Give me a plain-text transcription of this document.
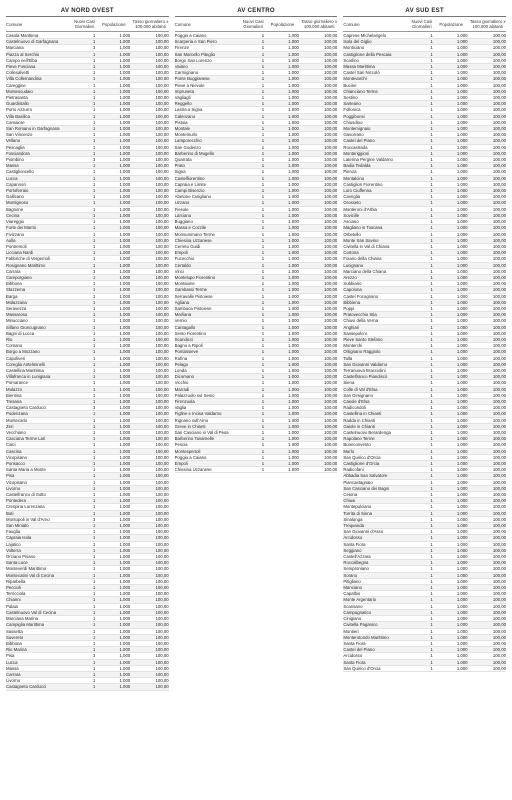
AV NORD OVEST
Comune	Nuovi Casi Giornalieri	Popolazione	Tasso giornaliero x 100.000 abitanti
Casola Marittima	1	1.000	100,00
Castelnuovo di Garfagnana	1	1.000	100,00
Marciana	1	1.000	100,00
Piazza al Serchio	1	1.000	100,00
Campo nell'Elba	1	1.000	100,00
Pieve Fosciana	1	1.000	100,00
Collesalvetti	1	1.000	100,00
Villa Collemandina	1	1.000	100,00
Careggine	1	1.000	100,00
Montescudaio	1	1.000	100,00
Pietrasanta	1	1.000	100,00
Guardistallo	1	1.000	100,00
Porto Azzurro	1	1.000	100,00
Villa Basilica	1	1.000	100,00
Camaiore	1	1.000	100,00
San Romano in Garfagnana	1	1.000	100,00
San Vincenzo	1	1.000	100,00
Vellano	1	1.000	100,00
Pescaglia	1	1.000	100,00
Fosciandora	1	1.000	100,00
Piombino	1	1.000	100,00
Massa	1	1.000	100,00
Castiglioncello	1	1.000	100,00
Lucca	1	1.000	100,00
Capannori	1	1.000	100,00
Portoferraio	1	1.000	100,00
Gallicano	1	1.000	100,00
Montignoso	1	1.000	100,00
Bagnone	1	1.000	100,00
Cecina	1	1.000	100,00
Viareggio	1	1.000	100,00
Forte dei Marmi	1	1.000	100,00
Fivizzano	1	1.000	100,00
Aulla	1	1.000	100,00
Pontremoli	1	1.000	100,00
Licciana Nardi	1	1.000	100,00
Fabbriche di Vergemoli	1	1.000	100,00
Rosignano Marittimo	1	1.000	100,00
Carrara	1	1.000	100,00
Camporgiano	1	1.000	100,00
Bibbona	1	1.000	100,00
Stazzema	1	1.000	100,00
Barga	1	1.000	100,00
Molazzana	1	1.000	100,00
Seravezza	1	1.000	100,00
Massarosa	1	1.000	100,00
Minucciano	1	1.000	100,00
Sillano Giuncugnano	1	1.000	100,00
Bagni di Lucca	1	1.000	100,00
Rio	1	1.000	100,00
Comano	1	1.000	100,00
Borgo a Mozzano	1	1.000	100,00
Capoliveri	1	1.000	100,00
Coreglia Antelminelli	1	1.000	100,00
Castellina Marittima	1	1.000	100,00
Villafranca in Lunigiana	1	1.000	100,00
Pomarance	1	1.000	100,00
Mulazzo	1	1.000	100,00
Bientina	1	1.000	100,00
Tresana	1	1.000	100,00
Castagneto Carducci	1	1.000	100,00
Podenzana	1	1.000	100,00
Montecarlo	1	1.000	100,00
Zeri	1	1.000	100,00
Vecchiano	1	1.000	100,00
Casciana Terme Lari	1	1.000	100,00
Calci	1	1.000	100,00
Cascina	1	1.000	100,00
Vicopisano	1	1.000	100,00
Ponsacco	1	1.000	100,00
Santa Maria a Monte	1	1.000	100,00
Pisa	1	1.000	100,00
Vicopisano	1	1.000	100,00
Livorno	1	1.000	100,00
Castelfranco di Sotto	1	1.000	100,00
Pontedera	1	1.000	100,00
Crespina Lorenzana	1	1.000	100,00
Buti	1	1.000	100,00
Montopoli in Val d'Arno	1	1.000	100,00
San Miniato	1	1.000	100,00
Fauglia	1	1.000	100,00
Capraia Isola	1	1.000	100,00
Lajatico	1	1.000	100,00
Volterra	1	1.000	100,00
Orciano Pisano	1	1.000	100,00
Santa Luce	1	1.000	100,00
Monteverdi Marittimo	1	1.000	100,00
Montecatini Val di Cecina	1	1.000	100,00
Riparbella	1	1.000	100,00
Peccioli	1	1.000	100,00
Terricciola	1	1.000	100,00
Chianni	1	1.000	100,00
Palaia	1	1.000	100,00
Castelnuovo Val di Cecina	1	1.000	100,00
Marciana Marina	1	1.000	100,00
Campiglia Marittima	1	1.000	100,00
Sassetta	1	1.000	100,00
Suvereto	1	1.000	100,00
Bibbona	1	1.000	100,00
Rio Marina	1	1.000	100,00
Pisa	1	1.000	100,00
Lucca	1	1.000	100,00
Massa	1	1.000	100,00
Carrara	1	1.000	100,00
Livorno	1	1.000	100,00
Castagneto Carducci	1	1.000	100,00
AV CENTRO
Comune	Nuovi Casi Giornalieri	Popolazione	Tasso giornaliero x 100.000 abitanti
Poggio a Caiano	1	1.000	100,00
Scarperia e San Piero	1	1.000	100,00
Firenze	1	1.000	100,00
San Marcello Piteglio	1	1.000	100,00
Borgo San Lorenzo	1	1.000	100,00
Vaiano	1	1.000	100,00
Carmignano	1	1.000	100,00
Ponte Buggianese	1	1.000	100,00
Pieve a Nievole	1	1.000	100,00
Impruneta	1	1.000	100,00
Vagliagli	1	1.000	100,00
Reggello	1	1.000	100,00
Lastra a Signa	1	1.000	100,00
Calenzano	1	1.000	100,00
Pistoia	1	1.000	100,00
Montale	1	1.000	100,00
Montemurlo	1	1.000	100,00
Lamporecchio	1	1.000	100,00
San Godenzo	1	1.000	100,00
Barberino di Mugello	1	1.000	100,00
Quarrata	1	1.000	100,00
Prato	1	1.000	100,00
Signa	1	1.000	100,00
Castelfiorentino	1	1.000	100,00
Capraia e Limite	1	1.000	100,00
Campi Bisenzio	1	1.000	100,00
Abetone Cutigliano	1	1.000	100,00
Uzzano	1	1.000	100,00
Fiesole	1	1.000	100,00
Larciano	1	1.000	100,00
Buggiano	1	1.000	100,00
Massa e Cozzile	1	1.000	100,00
Monsummano Terme	1	1.000	100,00
Chiesina Uzzanese	1	1.000	100,00
Cerreto Guidi	1	1.000	100,00
Empoli	1	1.000	100,00
Fucecchio	1	1.000	100,00
Certaldo	1	1.000	100,00
Vinci	1	1.000	100,00
Montelupo Fiorentino	1	1.000	100,00
Montaione	1	1.000	100,00
Gambassi Terme	1	1.000	100,00
Serravalle Pistoiese	1	1.000	100,00
Agliana	1	1.000	100,00
Sambuca Pistoiese	1	1.000	100,00
Marliana	1	1.000	100,00
Vernio	1	1.000	100,00
Cantagallo	1	1.000	100,00
Sesto Fiorentino	1	1.000	100,00
Scandicci	1	1.000	100,00
Bagno a Ripoli	1	1.000	100,00
Pontassieve	1	1.000	100,00
Rufina	1	1.000	100,00
Pelago	1	1.000	100,00
Londa	1	1.000	100,00
Dicomano	1	1.000	100,00
Vicchio	1	1.000	100,00
Marradi	1	1.000	100,00
Palazzuolo sul Senio	1	1.000	100,00
Firenzuola	1	1.000	100,00
Vaglia	1	1.000	100,00
Figline e Incisa Valdarno	1	1.000	100,00
Rignano sull'Arno	1	1.000	100,00
Greve in Chianti	1	1.000	100,00
San Casciano in Val di Pesa	1	1.000	100,00
Barberino Tavarnelle	1	1.000	100,00
Pescia	1	1.000	100,00
Montespertoli	1	1.000	100,00
Poggio a Caiano	1	1.000	100,00
Empoli	1	1.000	100,00
Chiesina Uzzanese	1	1.000	100,00
AV SUD EST
Comune	Nuovi Casi Giornalieri	Popolazione	Tasso giornaliero x 100.000 abitanti
Caprese Michelangelo	1	1.000	100,00
Isola del Giglio	1	1.000	100,00
Monticiano	1	1.000	100,00
Castiglione della Pescaia	1	1.000	100,00
Scarlino	1	1.000	100,00
Massa Marittima	1	1.000	100,00
Castel San Niccolò	1	1.000	100,00
Montevarchi	1	1.000	100,00
Bucine	1	1.000	100,00
Chianciano Terme	1	1.000	100,00
Sestino	1	1.000	100,00
Sarteano	1	1.000	100,00
Follonica	1	1.000	100,00
Poggibonsi	1	1.000	100,00
Chiusdino	1	1.000	100,00
Montemignaio	1	1.000	100,00
Gavorrano	1	1.000	100,00
Castel del Piano	1	1.000	100,00
Roccastrada	1	1.000	100,00
Monteriggioni	1	1.000	100,00
Laterina Pergine Valdarno	1	1.000	100,00
Badia Tedalda	1	1.000	100,00
Pienza	1	1.000	100,00
Montalcino	1	1.000	100,00
Castiglion Fiorentino	1	1.000	100,00
Loro Ciuffenna	1	1.000	100,00
Cavriglia	1	1.000	100,00
Grosseto	1	1.000	100,00
Monteroni d'Arbia	1	1.000	100,00
Sovicille	1	1.000	100,00
Asciano	1	1.000	100,00
Magliano in Toscana	1	1.000	100,00
Orbetello	1	1.000	100,00
Monte San Savino	1	1.000	100,00
Civitella in Val di Chiana	1	1.000	100,00
Cortona	1	1.000	100,00
Foiano della Chiana	1	1.000	100,00
Lucignano	1	1.000	100,00
Marciano della Chiana	1	1.000	100,00
Arezzo	1	1.000	100,00
Subbiano	1	1.000	100,00
Capolona	1	1.000	100,00
Castel Focognano	1	1.000	100,00
Bibbiena	1	1.000	100,00
Poppi	1	1.000	100,00
Pratovecchio Stia	1	1.000	100,00
Chiusi della Verna	1	1.000	100,00
Anghiari	1	1.000	100,00
Sansepolcro	1	1.000	100,00
Pieve Santo Stefano	1	1.000	100,00
Monterchi	1	1.000	100,00
Ortignano Raggiolo	1	1.000	100,00
Talla	1	1.000	100,00
San Giovanni Valdarno	1	1.000	100,00
Terranuova Bracciolini	1	1.000	100,00
Castelfranco Piandiscò	1	1.000	100,00
Siena	1	1.000	100,00
Colle di Val d'Elsa	1	1.000	100,00
San Gimignano	1	1.000	100,00
Casole d'Elsa	1	1.000	100,00
Radicondoli	1	1.000	100,00
Castellina in Chianti	1	1.000	100,00
Radda in Chianti	1	1.000	100,00
Gaiole in Chianti	1	1.000	100,00
Castelnuovo Berardenga	1	1.000	100,00
Rapolano Terme	1	1.000	100,00
Buonconvento	1	1.000	100,00
Murlo	1	1.000	100,00
San Quirico d'Orcia	1	1.000	100,00
Castiglione d'Orcia	1	1.000	100,00
Radicofani	1	1.000	100,00
Abbadia San Salvatore	1	1.000	100,00
Piancastagnaio	1	1.000	100,00
San Casciano dei Bagni	1	1.000	100,00
Cetona	1	1.000	100,00
Chiusi	1	1.000	100,00
Montepulciano	1	1.000	100,00
Torrita di Siena	1	1.000	100,00
Sinalunga	1	1.000	100,00
Trequanda	1	1.000	100,00
San Giovanni d'Asso	1	1.000	100,00
Arcidosso	1	1.000	100,00
Santa Fiora	1	1.000	100,00
Seggiano	1	1.000	100,00
Castell'Azzara	1	1.000	100,00
Roccalbegna	1	1.000	100,00
Semproniano	1	1.000	100,00
Sorano	1	1.000	100,00
Pitigliano	1	1.000	100,00
Manciano	1	1.000	100,00
Capalbio	1	1.000	100,00
Monte Argentario	1	1.000	100,00
Scansano	1	1.000	100,00
Campagnatico	1	1.000	100,00
Cinigiano	1	1.000	100,00
Civitella Paganico	1	1.000	100,00
Montieri	1	1.000	100,00
Monterotondo Marittimo	1	1.000	100,00
Santa Fiora	1	1.000	100,00
Castel del Piano	1	1.000	100,00
Arcidosso	1	1.000	100,00
Santa Fiora	1	1.000	100,00
San Quirico d'Orcia	1	1.000	100,00
